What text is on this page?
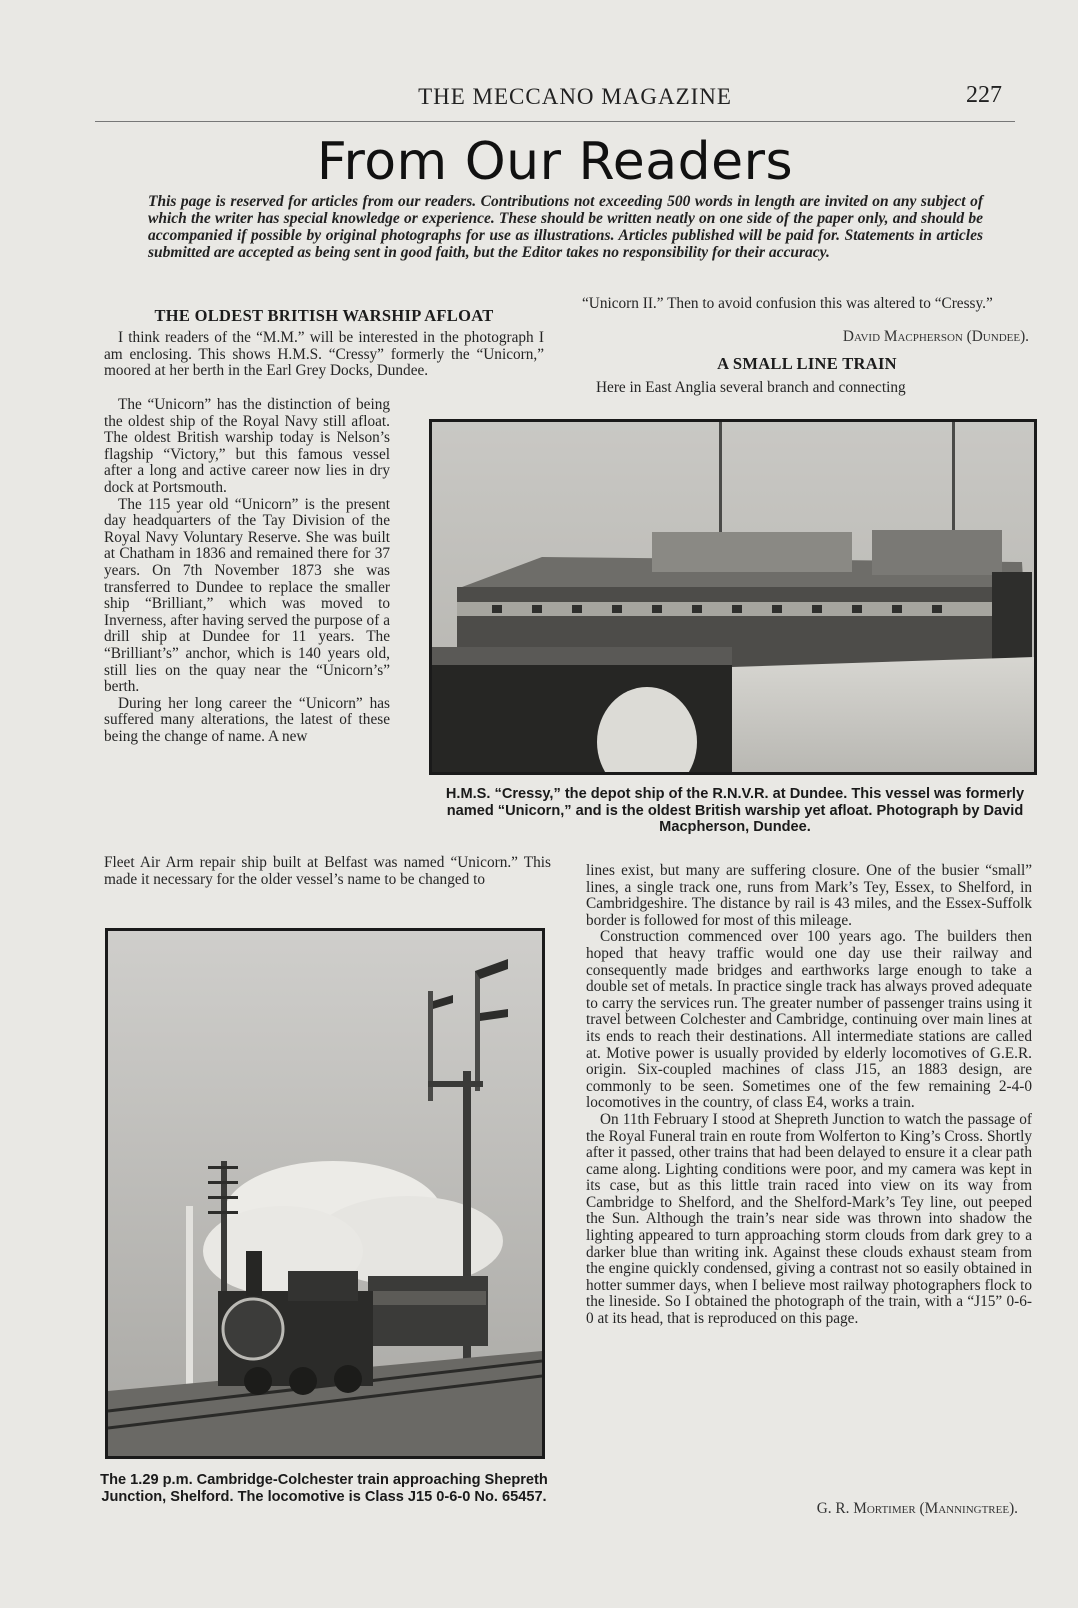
THE MECCANO MAGAZINE	227
From Our Readers
This page is reserved for articles from our readers. Contributions not exceeding 500 words in length are invited on any subject of which the writer has special knowledge or experience. These should be written neatly on one side of the paper only, and should be accompanied if possible by original photographs for use as illustrations. Articles published will be paid for. Statements in articles submitted are accepted as being sent in good faith, but the Editor takes no responsibility for their accuracy.
THE OLDEST BRITISH WARSHIP AFLOAT

I think readers of the “M.M.” will be interested in the photograph I am enclosing. This shows H.M.S. “Cressy” formerly the “Unicorn,” moored at her berth in the Earl Grey Docks, Dundee.

The “Unicorn” has the distinction of being the oldest ship of the Royal Navy still afloat. The oldest British warship today is Nelson’s flagship “Victory,” but this famous vessel after a long and active career now lies in dry dock at Portsmouth.

The 115 year old “Unicorn” is the present day headquarters of the Tay Division of the Royal Navy Voluntary Reserve. She was built at Chatham in 1836 and remained there for 37 years. On 7th November 1873 she was transferred to Dundee to replace the smaller ship “Brilliant,” which was moved to Inverness, after having served the purpose of a drill ship at Dundee for 11 years. The “Brilliant’s” anchor, which is 140 years old, still lies on the quay near the “Unicorn’s” berth.

During her long career the “Unicorn” has suffered many alterations, the latest of these being the change of name. A new

Fleet Air Arm repair ship built at Belfast was named “Unicorn.” This made it necessary for the older vessel’s name to be changed to

“Unicorn II.” Then to avoid confusion this was altered to “Cressy.”

David Macpherson (Dundee).
A SMALL LINE TRAIN

Here in East Anglia several branch and connecting

H.M.S. “Cressy,” the depot ship of the R.N.V.R. at Dundee. This vessel was formerly named “Unicorn,” and is the oldest British warship yet afloat. Photograph by David Macpherson, Dundee.

lines exist, but many are suffering closure. One of the busier “small” lines, a single track one, runs from Mark’s Tey, Essex, to Shelford, in Cambridgeshire. The distance by rail is 43 miles, and the Essex-Suffolk border is followed for most of this mileage.

Construction commenced over 100 years ago. The builders then hoped that heavy traffic would one day use their railway and consequently made bridges and earthworks large enough to take a double set of metals. In practice single track has always proved adequate to carry the services run. The greater number of passenger trains using it travel between Colchester and Cambridge, continuing over main lines at its ends to reach their destinations. All intermediate stations are called at. Motive power is usually provided by elderly locomotives of G.E.R. origin. Six-coupled machines of class J15, an 1883 design, are commonly to be seen. Sometimes one of the few remaining 2-4-0 locomotives in the country, of class E4, works a train.

On 11th February I stood at Shepreth Junction to watch the passage of the Royal Funeral train en route from Wolferton to King’s Cross. Shortly after it passed, other trains that had been delayed to ensure it a clear path came along. Lighting conditions were poor, and my camera was kept in its case, but as this little train raced into view on its way from Cambridge to Shelford, and the Shelford-Mark’s Tey line, out peeped the Sun. Although the train’s near side was thrown into shadow the lighting appeared to turn approaching storm clouds from dark grey to a darker blue than writing ink. Against these clouds exhaust steam from the engine quickly condensed, giving a contrast not so easily obtained in hotter summer days, when I believe most railway photographers flock to the lineside. So I obtained the photograph of the train, with a “J15” 0-6-0 at its head, that is reproduced on this page.

G. R. Mortimer (Manningtree).
The 1.29 p.m. Cambridge-Colchester train approaching Shepreth Junction, Shelford. The locomotive is Class J15 0-6-0 No. 65457.
